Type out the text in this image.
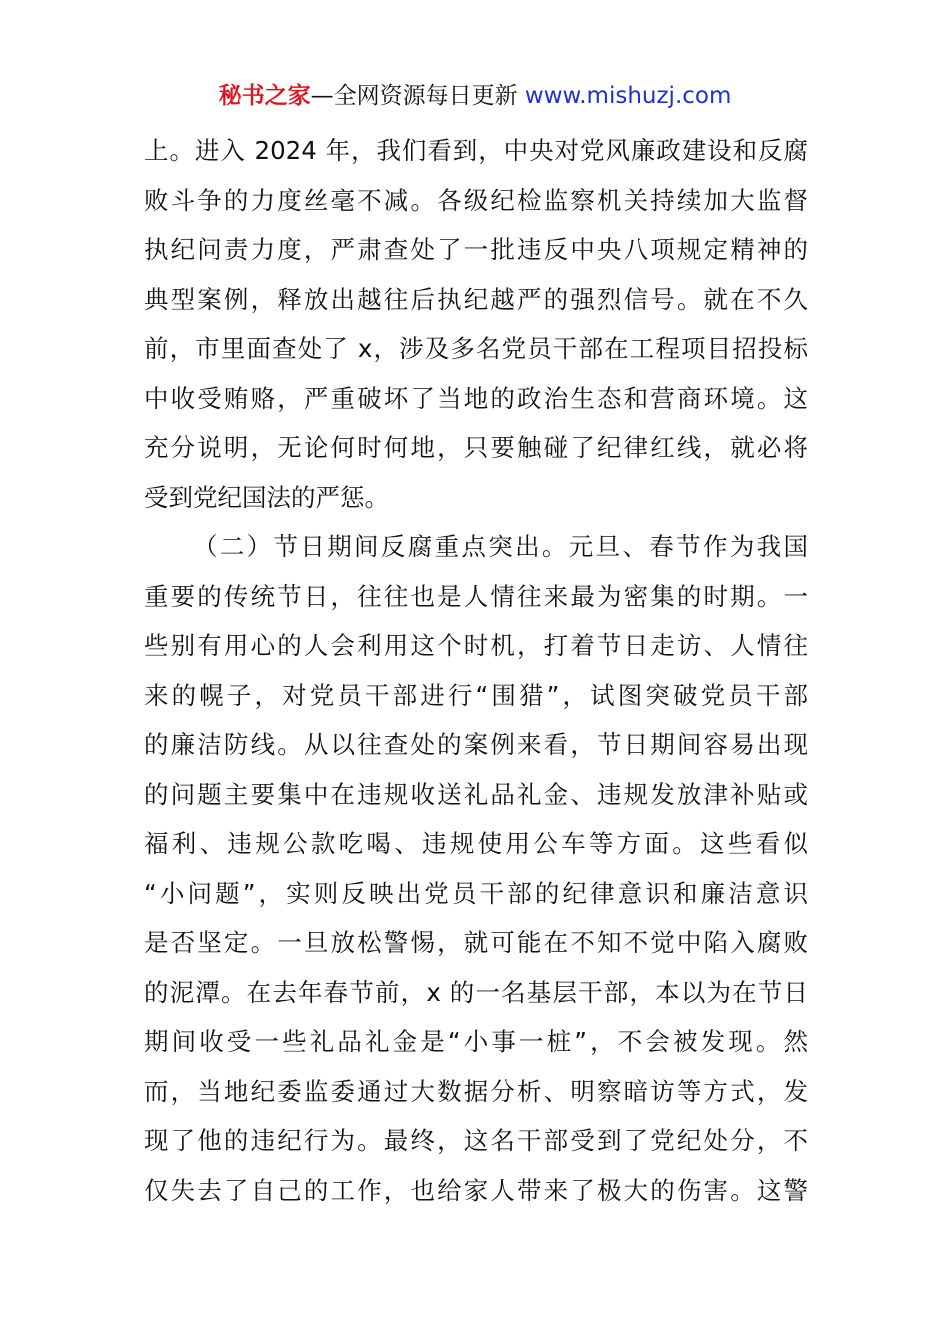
秘书之家—全网资源每日更新 www.mishuzj.com
上。进入 2024 年，我们看到，中央对党风廉政建设和反腐
败斗争的力度丝毫不减。各级纪检监察机关持续加大监督
执纪问责力度，严肃查处了一批违反中央八项规定精神的
典型案例，释放出越往后执纪越严的强烈信号。就在不久
前，市里面查处了 x，涉及多名党员干部在工程项目招投标
中收受贿赂，严重破坏了当地的政治生态和营商环境。这
充分说明，无论何时何地，只要触碰了纪律红线，就必将
受到党纪国法的严惩。
（二）节日期间反腐重点突出。元旦、春节作为我国
重要的传统节日，往往也是人情往来最为密集的时期。一
些别有用心的人会利用这个时机，打着节日走访、人情往
来的幌子，对党员干部进行“围猎”，试图突破党员干部
的廉洁防线。从以往查处的案例来看，节日期间容易出现
的问题主要集中在违规收送礼品礼金、违规发放津补贴或
福利、违规公款吃喝、违规使用公车等方面。这些看似
“小问题”，实则反映出党员干部的纪律意识和廉洁意识
是否坚定。一旦放松警惕，就可能在不知不觉中陷入腐败
的泥潭。在去年春节前，x 的一名基层干部，本以为在节日
期间收受一些礼品礼金是“小事一桩”，不会被发现。然
而，当地纪委监委通过大数据分析、明察暗访等方式，发
现了他的违纪行为。最终，这名干部受到了党纪处分，不
仅失去了自己的工作，也给家人带来了极大的伤害。这警
